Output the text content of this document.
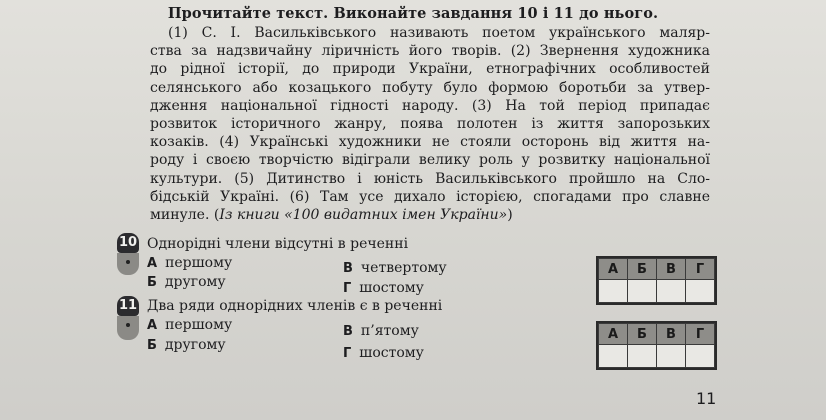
Прочитайте текст. Виконайте завдання 10 і 11 до нього.
(1) С. І. Васильківського називають поетом українського маляр-
ства за надзвичайну ліричність його творів. (2) Звернення художника
до рідної історії, до природи України, етнографічних особливостей
селянського або козацького побуту було формою боротьби за утвер-
дження національної гідності народу. (3) На той період припадає
розвиток історичного жанру, поява полотен із життя запорозьких
козаків. (4) Українські художники не стояли осторонь від життя на-
роду і своєю творчістю відіграли велику роль у розвитку національної
культури. (5) Дитинство і юність Васильківського пройшло на Сло-
бідській Україні. (6) Там усе дихало історією, спогадами про славне
минуле. (Із книги «100 видатних імен України»)
10 Однорідні члени відсутні в реченні
А першому
Б другому
В четвертому
Г шостому
А	Б	В	Г

11 Два ряди однорідних членів є в реченні
А першому
Б другому
В п’ятому
Г шостому
А	Б	В	Г

11
